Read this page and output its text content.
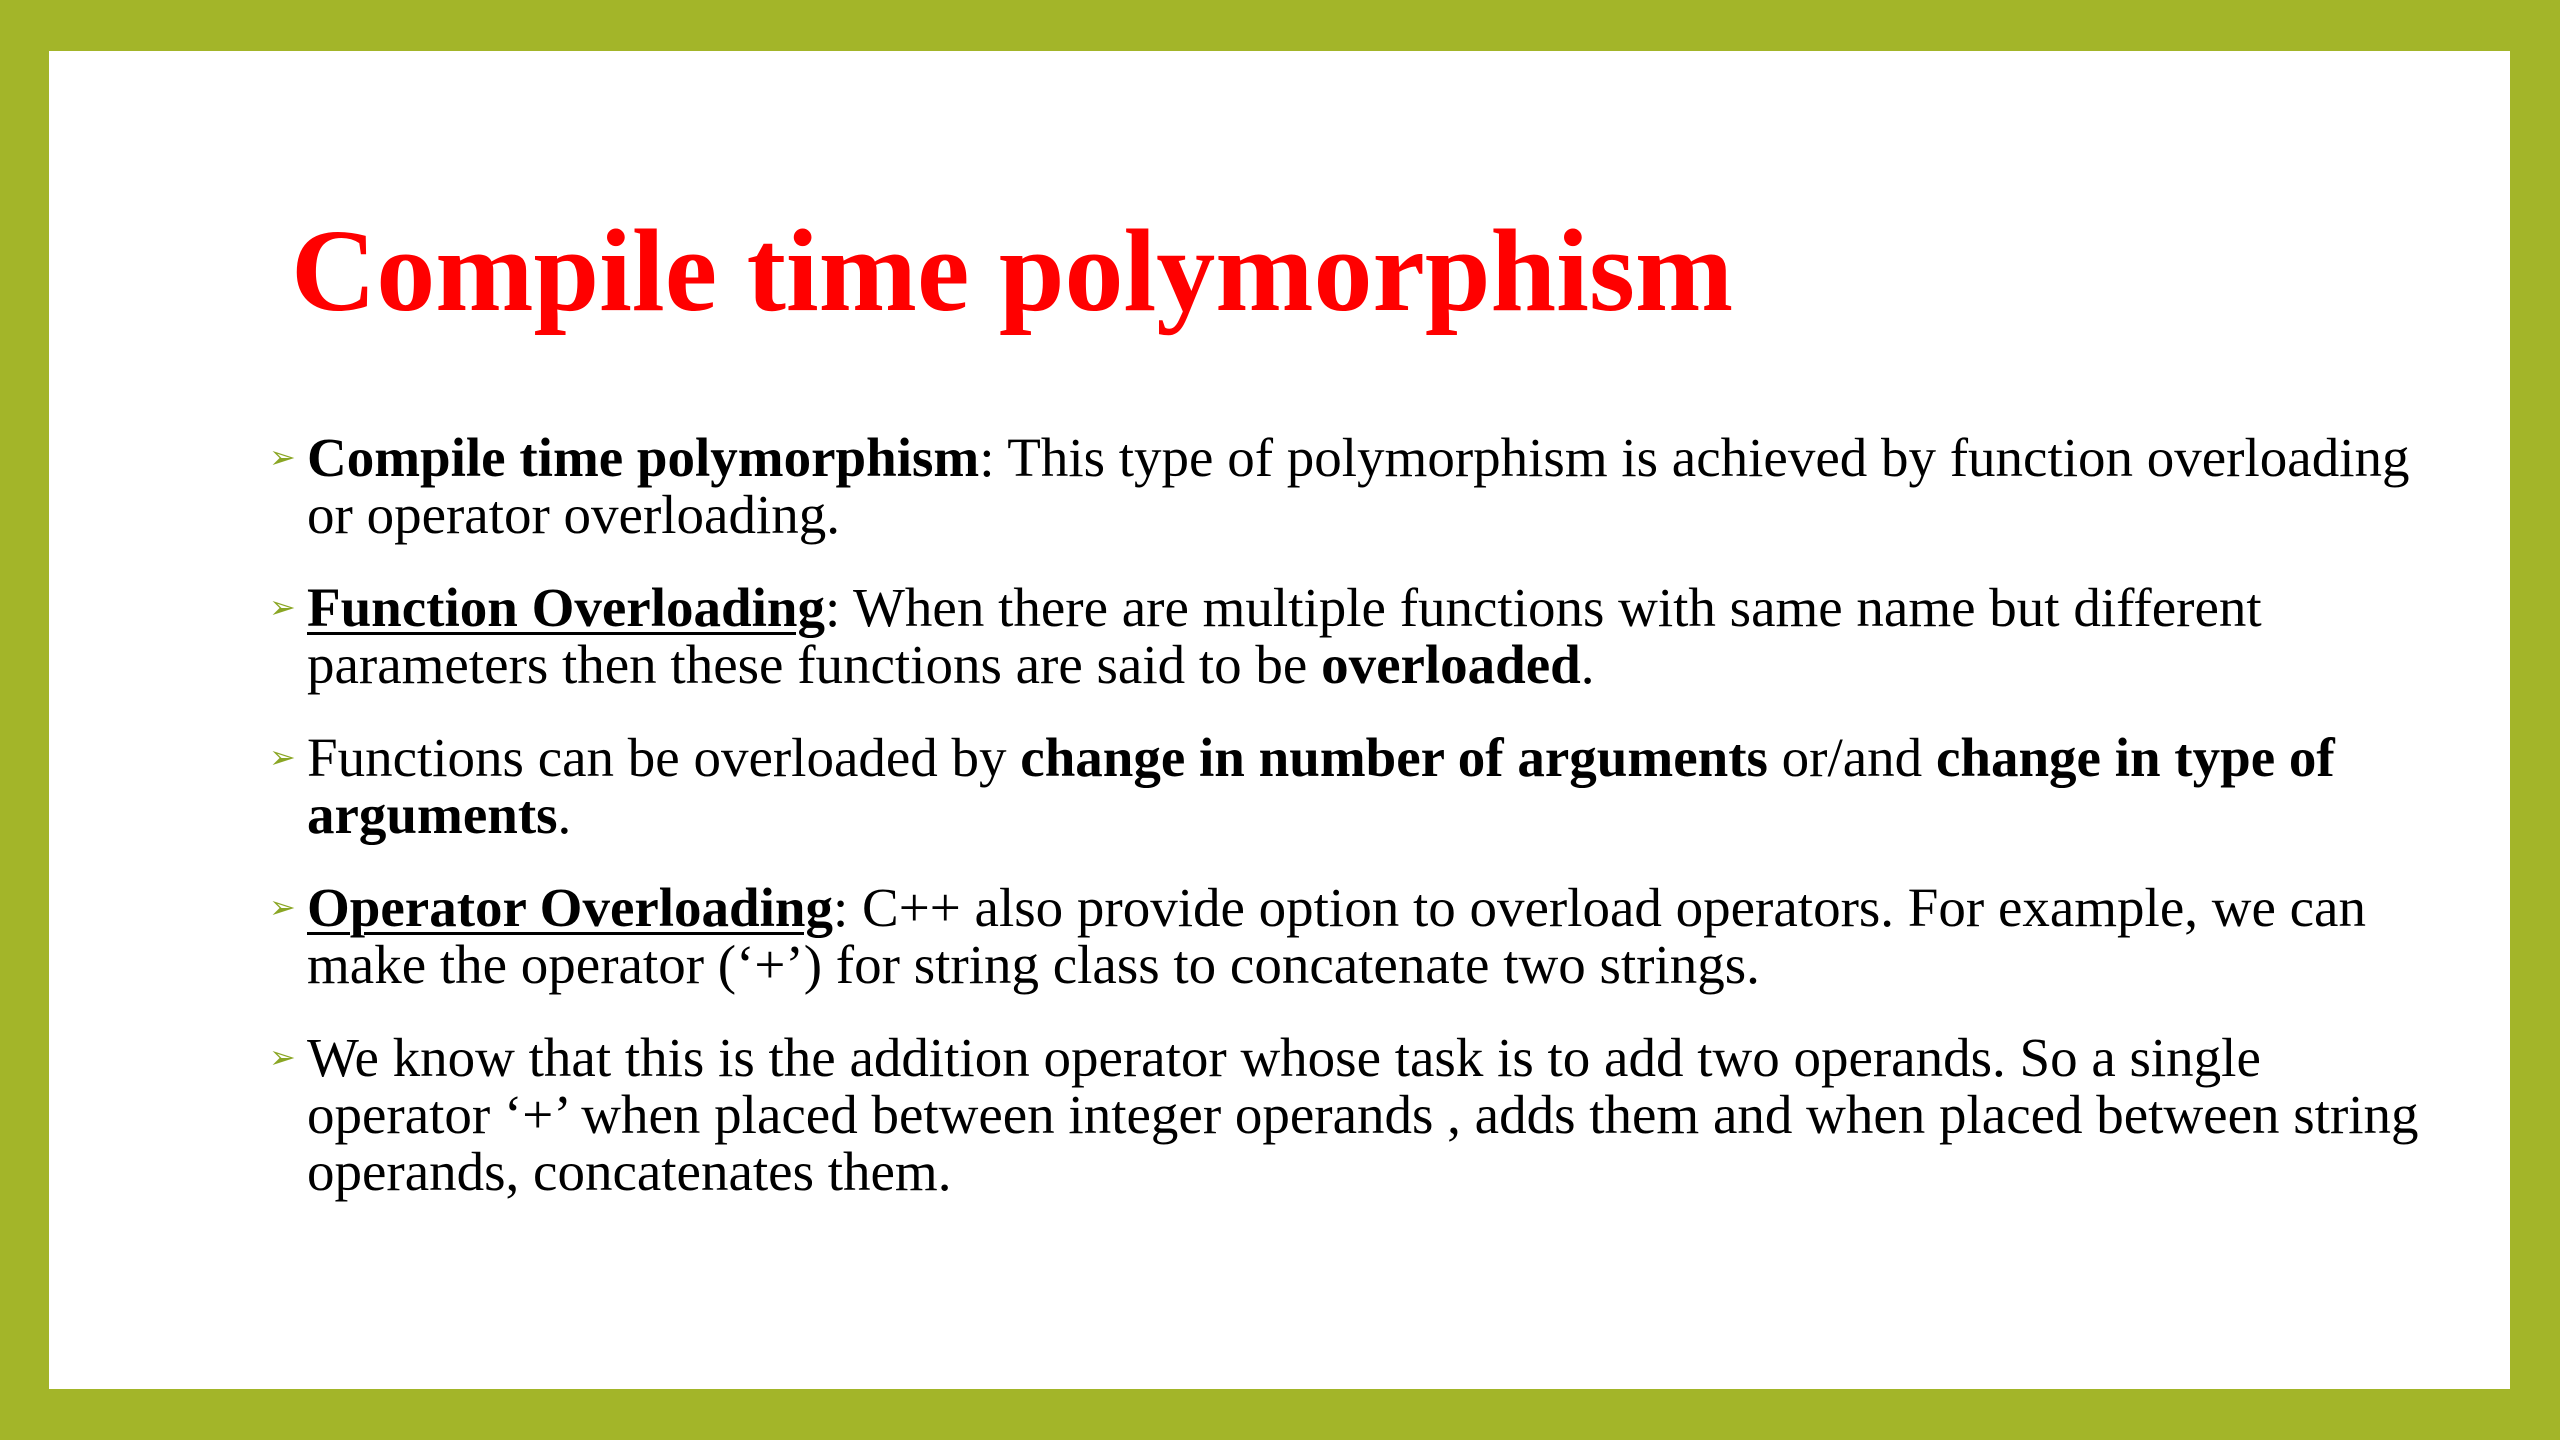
Compile time polymorphism
➢ Compile time polymorphism: This type of polymorphism is achieved by function overloading or operator overloading.
➢ Function Overloading: When there are multiple functions with same name but different parameters then these functions are said to be overloaded.
➢ Functions can be overloaded by change in number of arguments or/and change in type of arguments.
➢ Operator Overloading: C++ also provide option to overload operators. For example, we can make the operator (‘+’) for string class to concatenate two strings.
➢ We know that this is the addition operator whose task is to add two operands. So a single operator ‘+’ when placed between integer operands , adds them and when placed between string operands, concatenates them.
